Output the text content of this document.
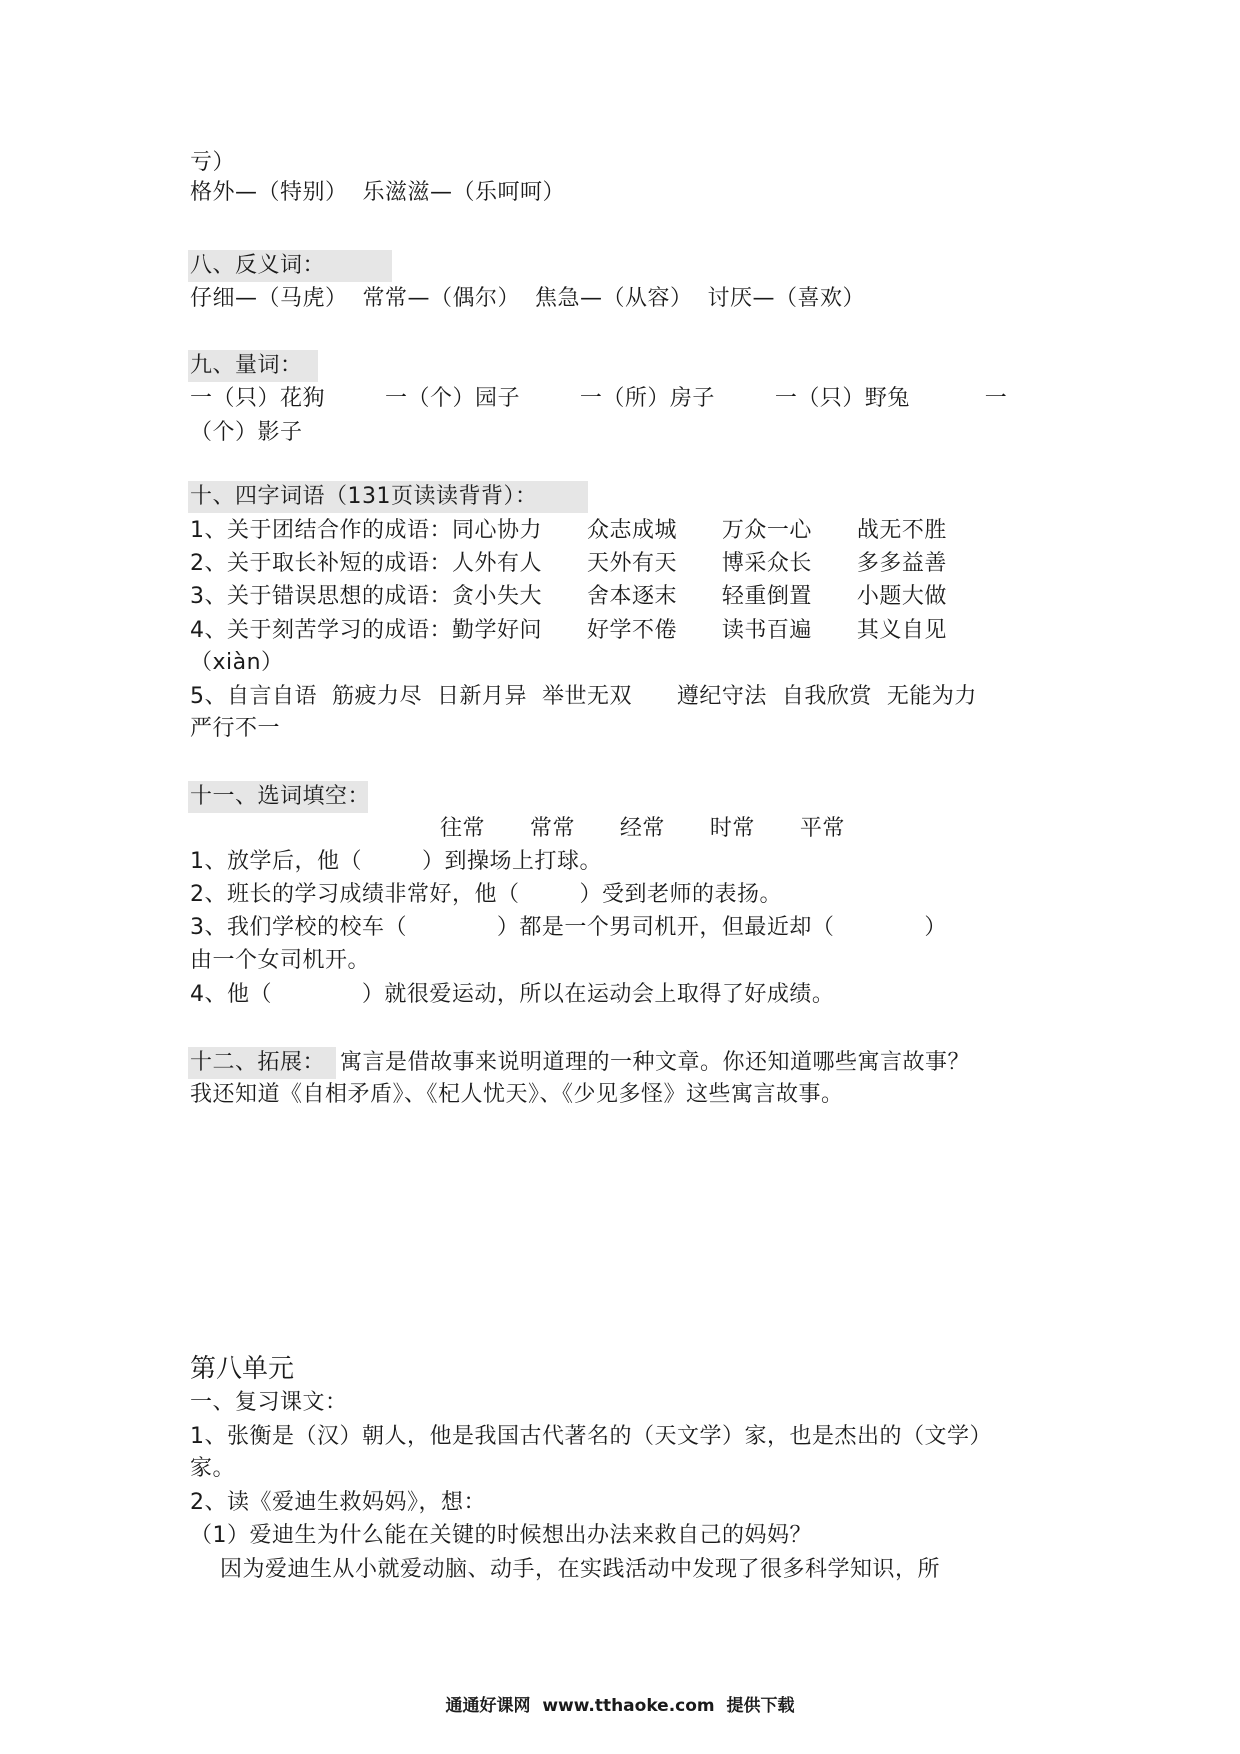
亏）
格外—（特别）  乐滋滋—（乐呵呵）
八、反义词：
仔细—（马虎）  常常—（偶尔）  焦急—（从容）  讨厌—（喜欢）
九、量词：
一（只）花狗        一（个）园子        一（所）房子        一（只）野兔          一
（个）影子
十、四字词语（131页读读背背）：
1、关于团结合作的成语：同心协力      众志成城      万众一心      战无不胜
2、关于取长补短的成语：人外有人      天外有天      博采众长      多多益善
3、关于错误思想的成语：贪小失大      舍本逐末      轻重倒置      小题大做
4、关于刻苦学习的成语：勤学好问      好学不倦      读书百遍      其义自见
（xiàn）
5、自言自语  筋疲力尽  日新月异  举世无双      遵纪守法  自我欣赏  无能为力
严行不一
十一、选词填空：
往常      常常      经常      时常      平常
1、放学后，他（        ）到操场上打球。
2、班长的学习成绩非常好，他（        ）受到老师的表扬。
3、我们学校的校车（            ）都是一个男司机开，但最近却（            ）
由一个女司机开。
4、他（            ）就很爱运动，所以在运动会上取得了好成绩。
十二、拓展： 寓言是借故事来说明道理的一种文章。你还知道哪些寓言故事？
我还知道《自相矛盾》、《杞人忧天》、《少见多怪》这些寓言故事。
第八单元
一、复习课文：
1、张衡是（汉）朝人，他是我国古代著名的（天文学）家，也是杰出的（文学）
家。
2、读《爱迪生救妈妈》，想：
（1）爱迪生为什么能在关键的时候想出办法来救自己的妈妈？
因为爱迪生从小就爱动脑、动手，在实践活动中发现了很多科学知识，所
通通好课网  www.tthaoke.com  提供下载
